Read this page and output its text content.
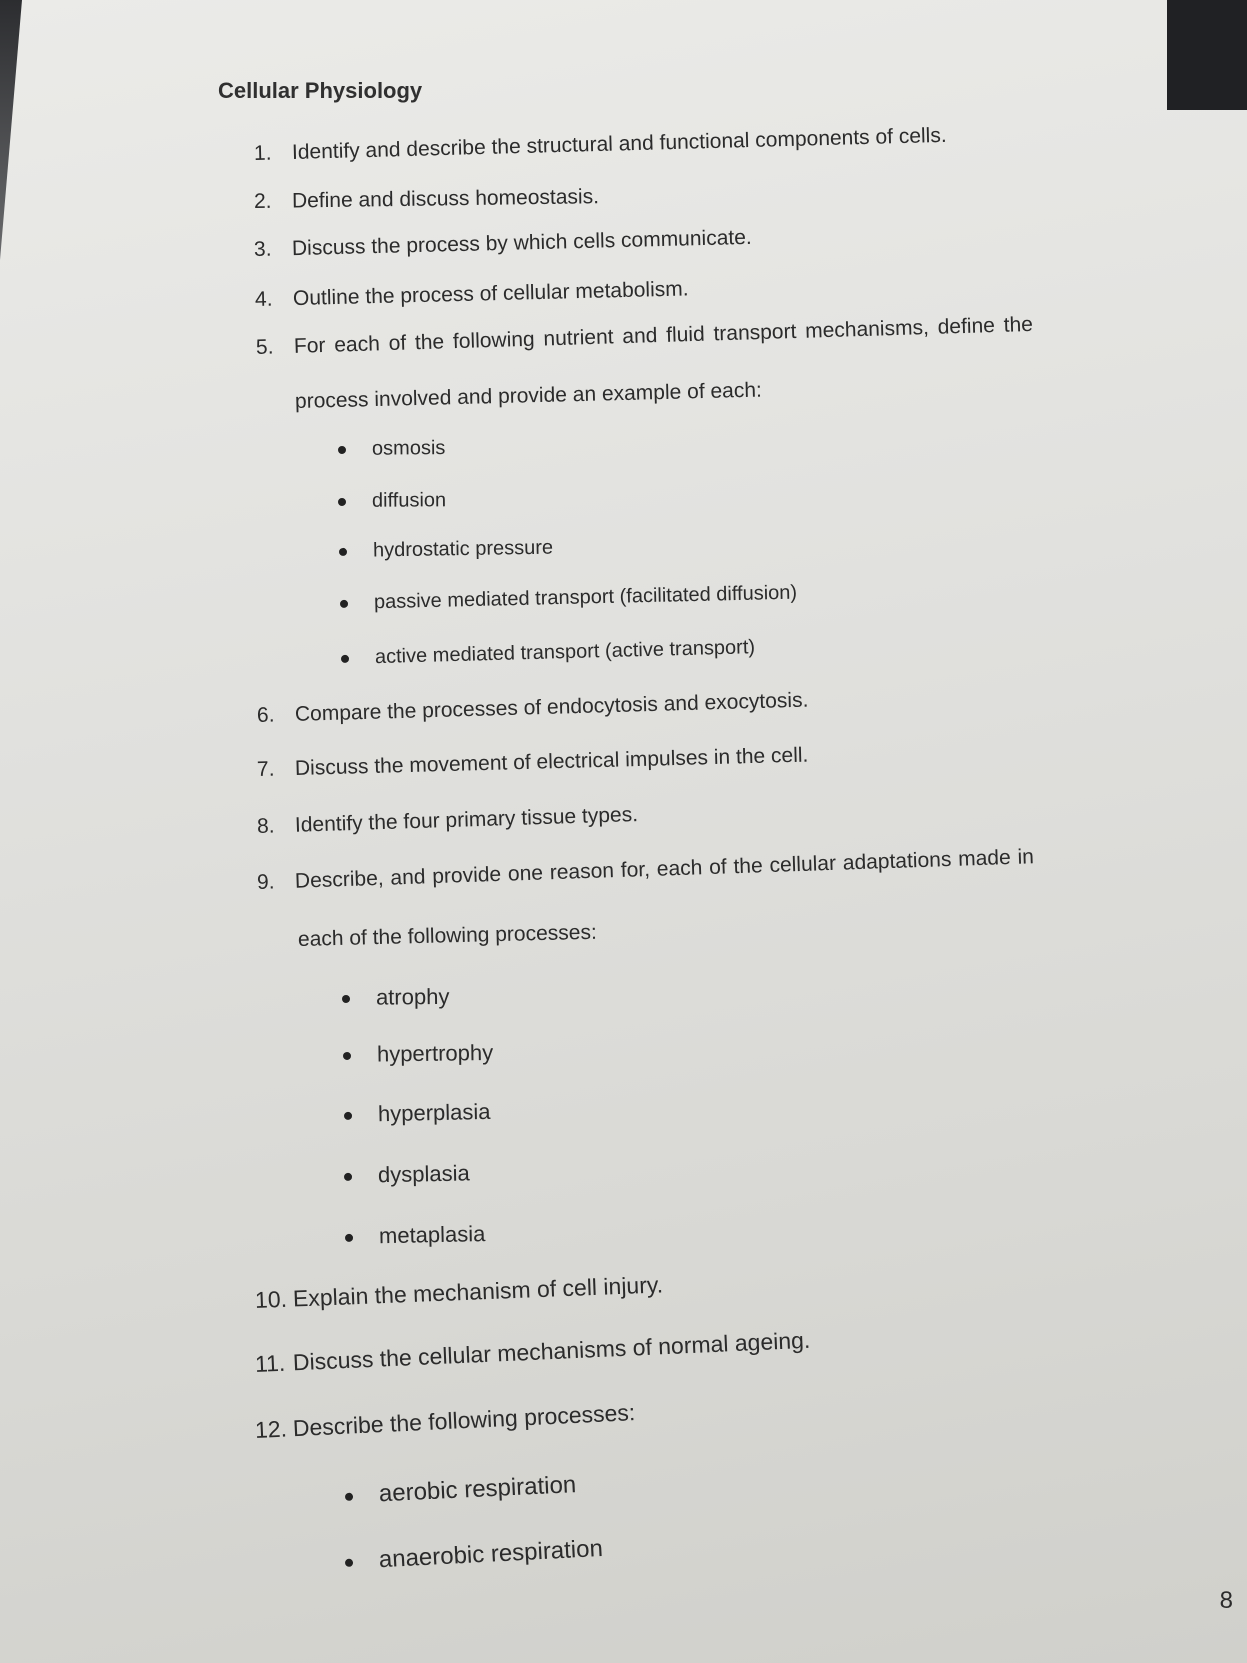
Cellular Physiology
1. Identify and describe the structural and functional components of cells.
2. Define and discuss homeostasis.
3. Discuss the process by which cells communicate.
4. Outline the process of cellular metabolism.
5. For each of the following nutrient and fluid transport mechanisms, define the
process involved and provide an example of each:
osmosis
diffusion
hydrostatic pressure
passive mediated transport (facilitated diffusion)
active mediated transport (active transport)
6. Compare the processes of endocytosis and exocytosis.
7. Discuss the movement of electrical impulses in the cell.
8. Identify the four primary tissue types.
9. Describe, and provide one reason for, each of the cellular adaptations made in
each of the following processes:
atrophy
hypertrophy
hyperplasia
dysplasia
metaplasia
10. Explain the mechanism of cell injury.
11. Discuss the cellular mechanisms of normal ageing.
12. Describe the following processes:
aerobic respiration
anaerobic respiration
8
